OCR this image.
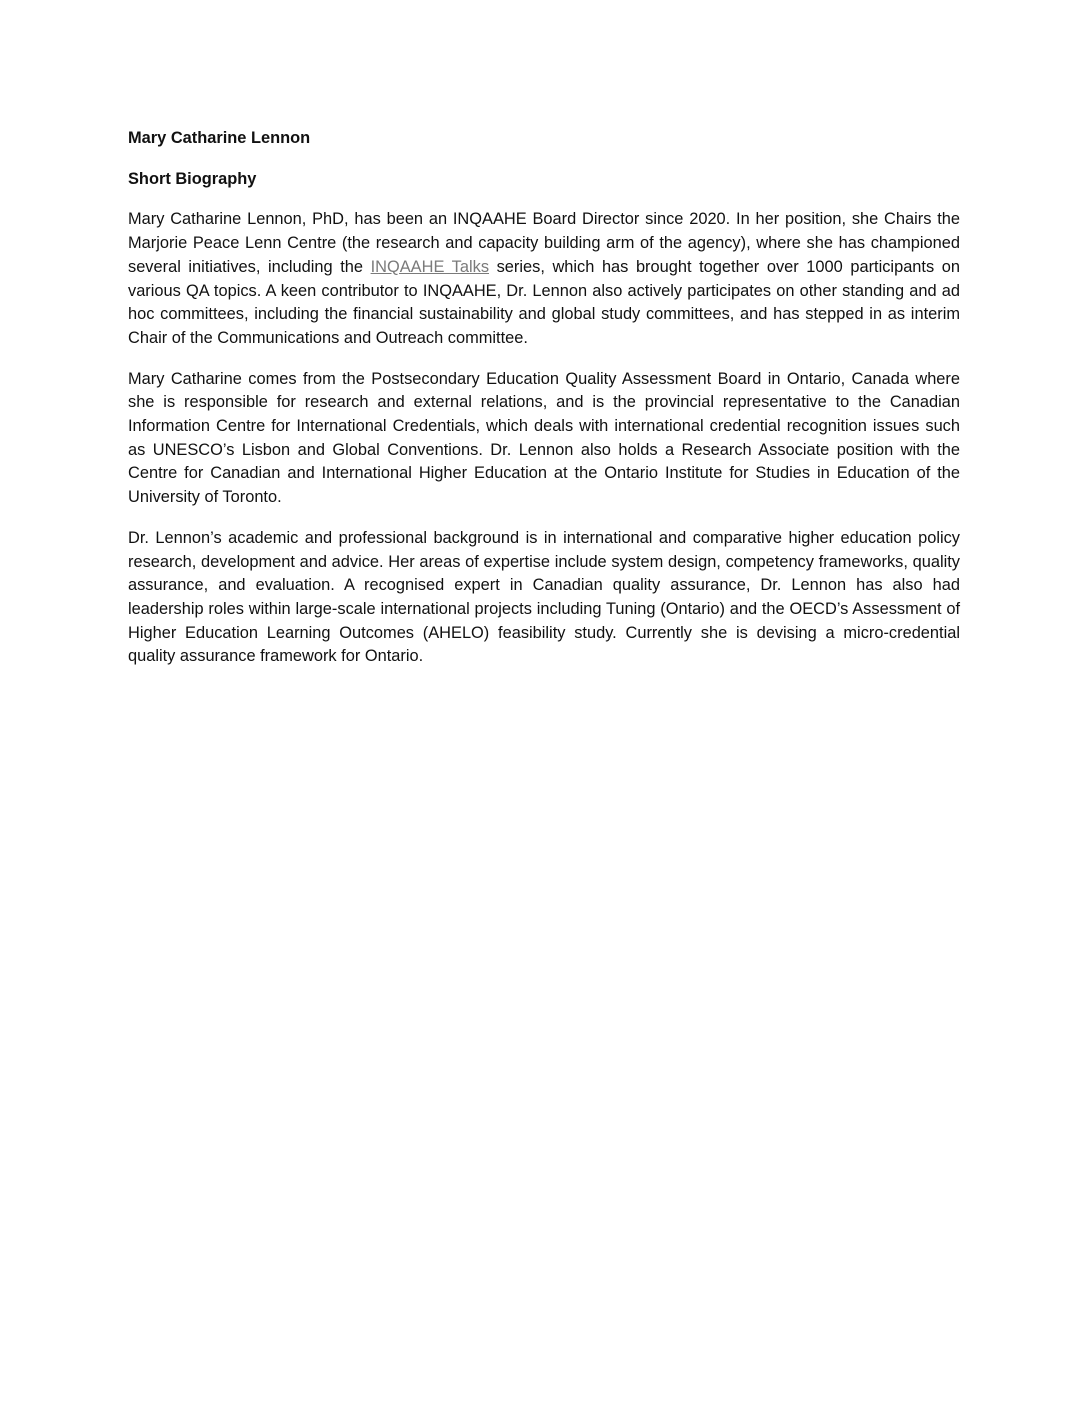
Mary Catharine Lennon

Short Biography

Mary Catharine Lennon, PhD, has been an INQAAHE Board Director since 2020. In her position, she Chairs the Marjorie Peace Lenn Centre (the research and capacity building arm of the agency), where she has championed several initiatives, including the INQAAHE Talks series, which has brought together over 1000 participants on various QA topics. A keen contributor to INQAAHE, Dr. Lennon also actively participates on other standing and ad hoc committees, including the financial sustainability and global study committees, and has stepped in as interim Chair of the Communications and Outreach committee.

Mary Catharine comes from the Postsecondary Education Quality Assessment Board in Ontario, Canada where she is responsible for research and external relations, and is the provincial representative to the Canadian Information Centre for International Credentials, which deals with international credential recognition issues such as UNESCO’s Lisbon and Global Conventions. Dr. Lennon also holds a Research Associate position with the Centre for Canadian and International Higher Education at the Ontario Institute for Studies in Education of the University of Toronto.

Dr. Lennon’s academic and professional background is in international and comparative higher education policy research, development and advice. Her areas of expertise include system design, competency frameworks, quality assurance, and evaluation. A recognised expert in Canadian quality assurance, Dr. Lennon has also had leadership roles within large-scale international projects including Tuning (Ontario) and the OECD’s Assessment of Higher Education Learning Outcomes (AHELO) feasibility study. Currently she is devising a micro-credential quality assurance framework for Ontario.
